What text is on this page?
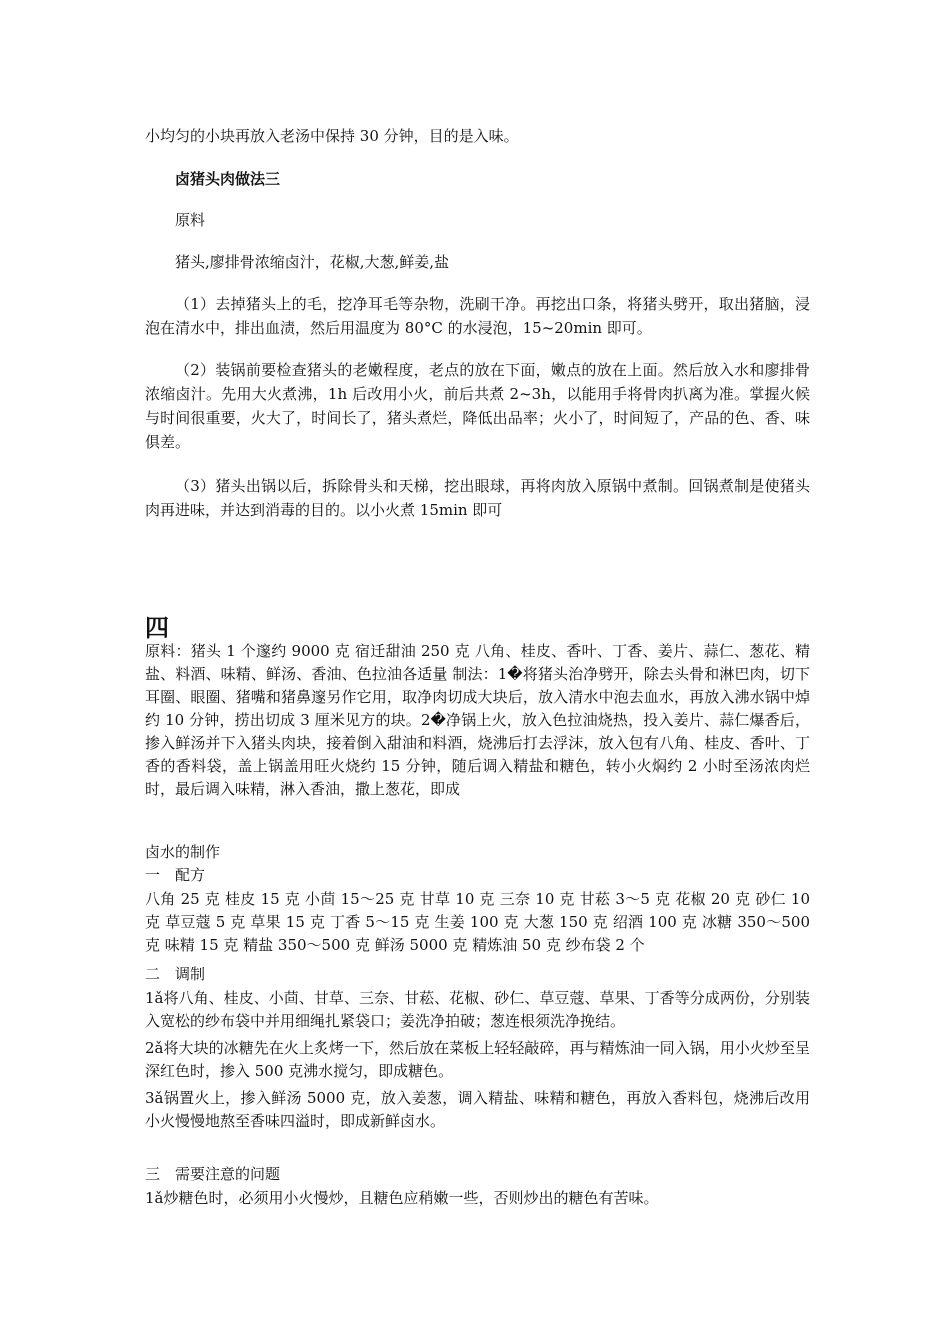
小均匀的小块再放入老汤中保持 30 分钟，目的是入味。

卤猪头肉做法三

原料

猪头,廖排骨浓缩卤汁，花椒,大葱,鲜姜,盐

（1）去掉猪头上的毛，挖净耳毛等杂物，洗刷干净。再挖出口条，将猪头劈开，取出猪脑，浸泡在清水中，排出血渍，然后用温度为 80°C 的水浸泡，15~20min 即可。

（2）装锅前要检查猪头的老嫩程度，老点的放在下面，嫩点的放在上面。然后放入水和廖排骨浓缩卤汁。先用大火煮沸，1h 后改用小火，前后共煮 2~3h，以能用手将骨肉扒离为准。掌握火候与时间很重要，火大了，时间长了，猪头煮烂，降低出品率；火小了，时间短了，产品的色、香、味俱差。

（3）猪头出锅以后，拆除骨头和天梯，挖出眼球，再将肉放入原锅中煮制。回锅煮制是使猪头肉再进味，并达到消毒的目的。以小火煮 15min 即可

四

原料：猪头 1 个邃约 9000 克 宿迁甜油 250 克 八角、桂皮、香叶、丁香、姜片、蒜仁、葱花、精盐、料酒、味精、鲜汤、香油、色拉油各适量 制法：1�将猪头治净劈开，除去头骨和淋巴肉，切下耳圈、眼圈、猪嘴和猪鼻邃另作它用，取净肉切成大块后，放入清水中泡去血水，再放入沸水锅中焯约 10 分钟，捞出切成 3 厘米见方的块。2�净锅上火，放入色拉油烧热，投入姜片、蒜仁爆香后，掺入鲜汤并下入猪头肉块，接着倒入甜油和料酒，烧沸后打去浮沫，放入包有八角、桂皮、香叶、丁香的香料袋，盖上锅盖用旺火烧约 15 分钟，随后调入精盐和糖色，转小火焖约 2 小时至汤浓肉烂时，最后调入味精，淋入香油，撒上葱花，即成

卤水的制作

一　配方

八角 25 克 桂皮 15 克 小茴 15～25 克 甘草 10 克 三奈 10 克 甘菘 3～5 克 花椒 20 克 砂仁 10 克 草豆蔻 5 克 草果 15 克 丁香 5～15 克 生姜 100 克 大葱 150 克 绍酒 100 克 冰糖 350～500 克 味精 15 克 精盐 350～500 克 鲜汤 5000 克 精炼油 50 克 纱布袋 2 个

二　调制

1ǎ将八角、桂皮、小茴、甘草、三奈、甘菘、花椒、砂仁、草豆蔻、草果、丁香等分成两份，分别装入宽松的纱布袋中并用细绳扎紧袋口；姜洗净拍破；葱连根须洗净挽结。

2ǎ将大块的冰糖先在火上炙烤一下，然后放在菜板上轻轻敲碎，再与精炼油一同入锅，用小火炒至呈深红色时，掺入 500 克沸水搅匀，即成糖色。

3ǎ锅置火上，掺入鲜汤 5000 克，放入姜葱，调入精盐、味精和糖色，再放入香料包，烧沸后改用小火慢慢地熬至香味四溢时，即成新鲜卤水。

三　需要注意的问题

1ǎ炒糖色时，必须用小火慢炒，且糖色应稍嫩一些，否则炒出的糖色有苦味。
